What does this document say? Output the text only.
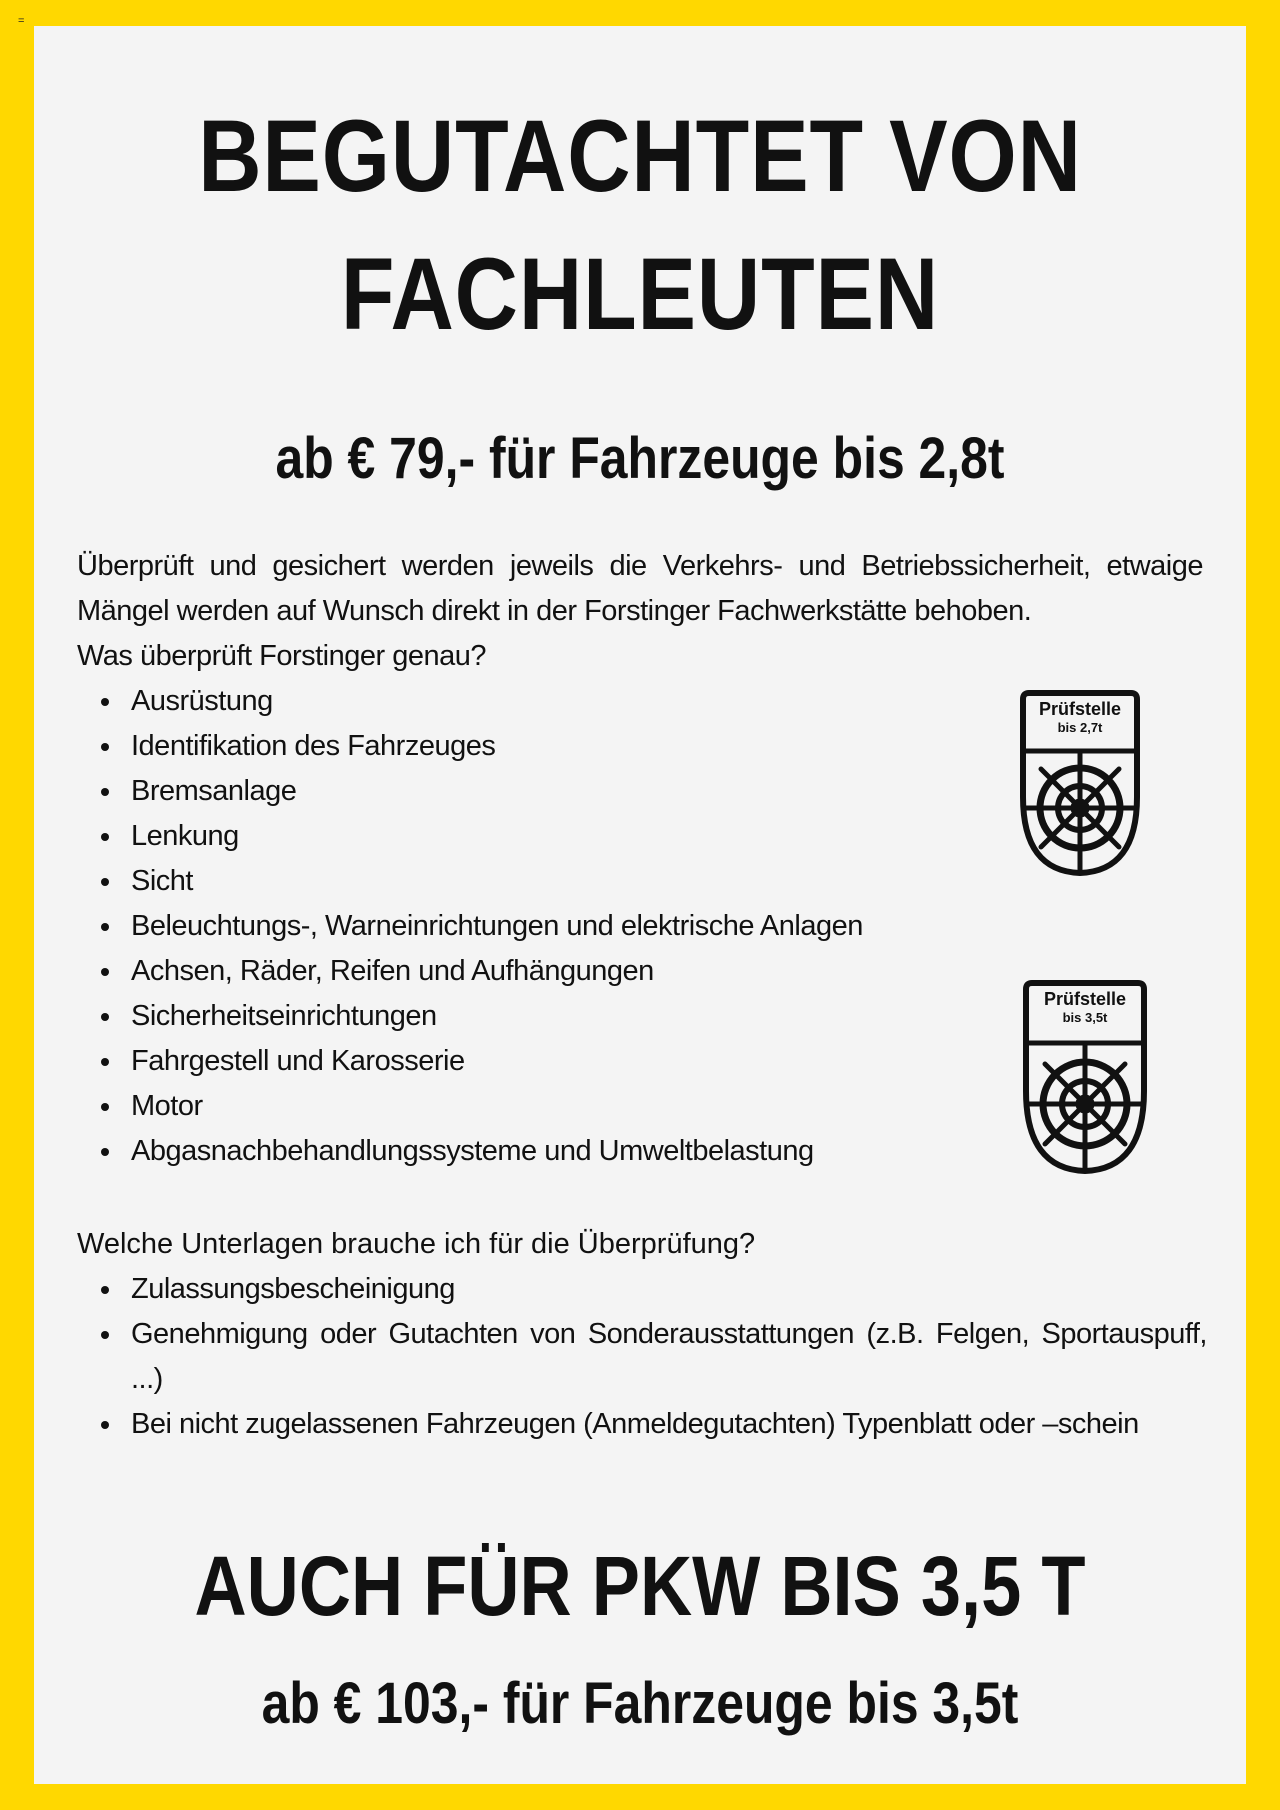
=
BEGUTACHTET VON
FACHLEUTEN
ab € 79,- für Fahrzeuge bis 2,8t

Überprüft und gesichert werden jeweils die Verkehrs- und Betriebssicherheit, etwaige Mängel werden auf Wunsch direkt in der Forstinger Fachwerkstätte behoben.

Was überprüft Forstinger genau?

Ausrüstung
Identifikation des Fahrzeuges
Bremsanlage
Lenkung
Sicht
Beleuchtungs-, Warneinrichtungen und elektrische Anlagen
Achsen, Räder, Reifen und Aufhängungen
Sicherheitseinrichtungen
Fahrgestell und Karosserie
Motor
Abgasnachbehandlungssysteme und Umweltbelastung
Prüfstelle
bis 2,7t
Prüfstelle
bis 3,5t
Welche Unterlagen brauche ich für die Überprüfung?
Zulassungsbescheinigung
Genehmigung oder Gutachten von Sonderausstattungen (z.B. Felgen, Sportauspuff, ...)
Bei nicht zugelassenen Fahrzeugen (Anmeldegutachten) Typenblatt oder –schein
AUCH FÜR PKW BIS 3,5 T
ab € 103,- für Fahrzeuge bis 3,5t
